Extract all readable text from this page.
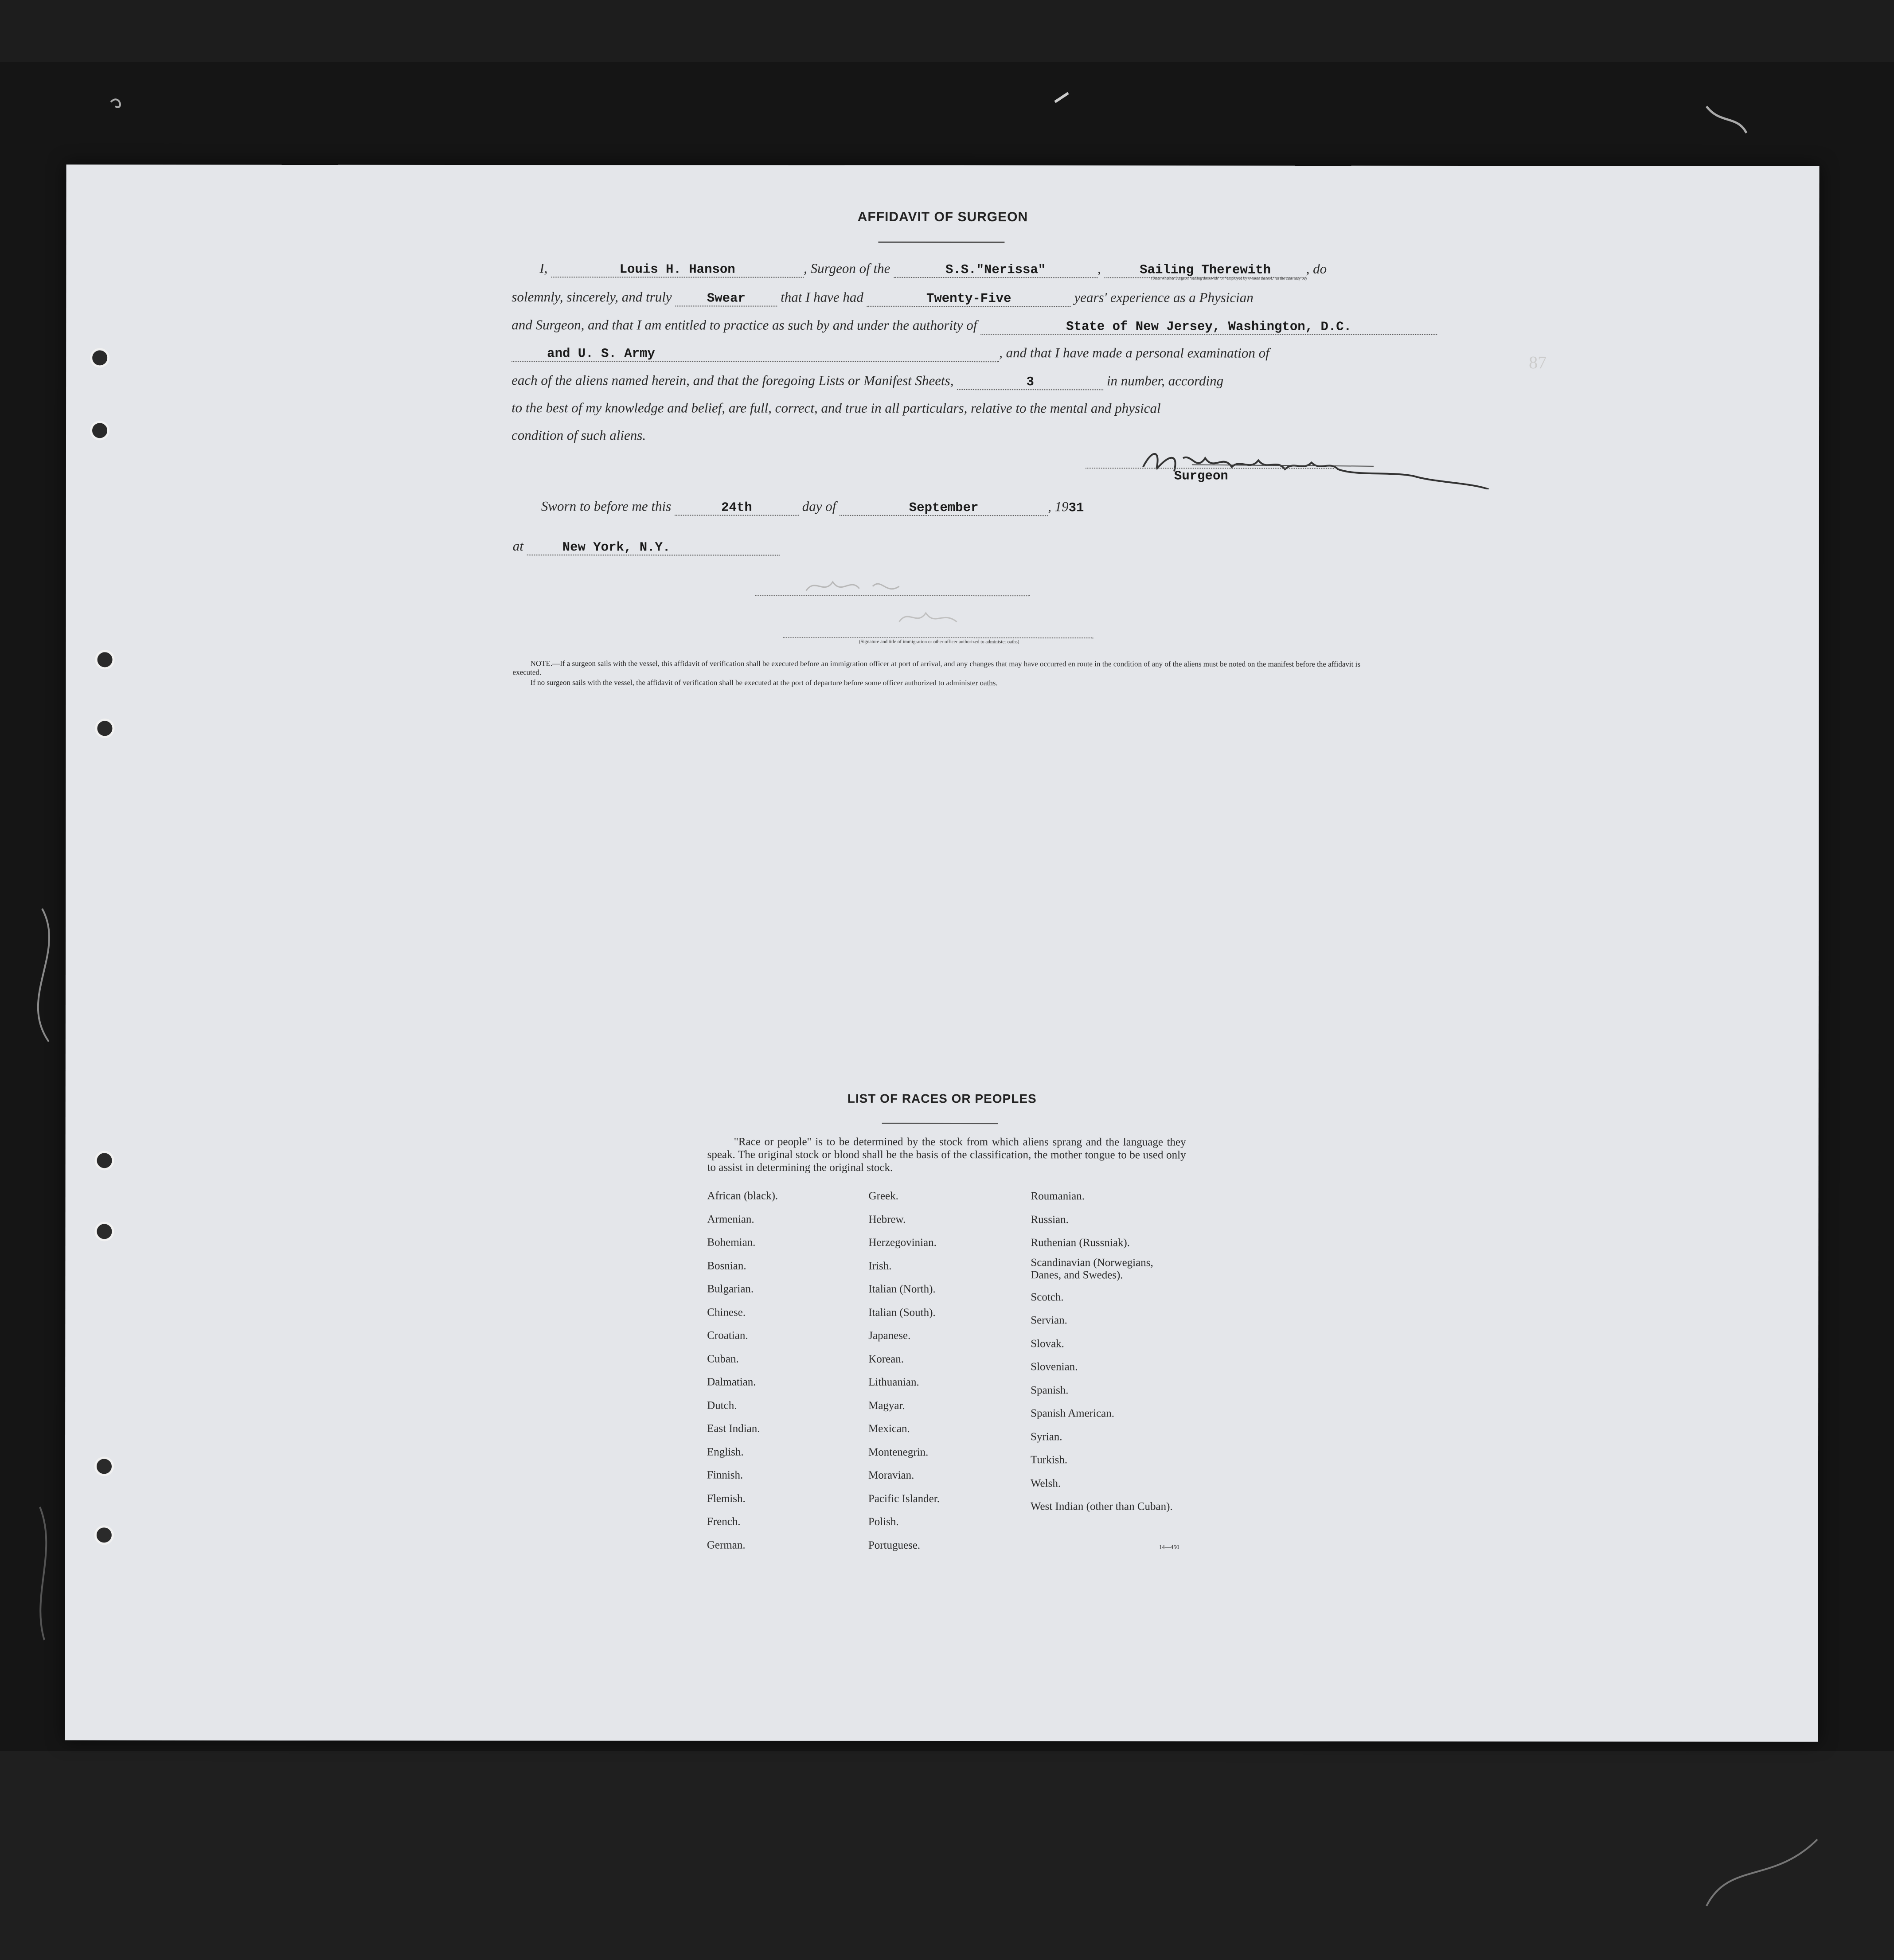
87
AFFIDAVIT OF SURGEON
I,	Louis H. Hanson	, Surgeon of the	S.S."Nerissa"	,	Sailing Therewith	, do
(State whether Surgeon "sailing therewith" or "employed by owners thereof," as the case may be)
solemnly, sincerely, and truly	Swear	that I have had	Twenty-Five	years' experience as a Physician
and Surgeon, and that I am entitled to practice as such by and under the authority of	State of New Jersey, Washington, D.C.
and U. S. Army	, and that I have made a personal examination of
each of the aliens named herein, and that the foregoing Lists or Manifest Sheets,	3	in number, according
to the best of my knowledge and belief, are full, correct, and true in all particulars, relative to the mental and physical
condition of such aliens.
Surgeon
Sworn to before me this	24th	day of	September	, 1931
at	New York, N.Y.
(Signature and title of immigration or other officer authorized to administer oaths)
NOTE.—If a surgeon sails with the vessel, this affidavit of verification shall be executed before an immigration officer at port of arrival, and any changes that may have occurred en route in the condition of any of the aliens must be noted on the manifest before the affidavit is executed.
If no surgeon sails with the vessel, the affidavit of verification shall be executed at the port of departure before some officer authorized to administer oaths.
LIST OF RACES OR PEOPLES
"Race or people" is to be determined by the stock from which aliens sprang and the language they speak. The original stock or blood shall be the basis of the classification, the mother tongue to be used only to assist in determining the original stock.
African (black).
Armenian.
Bohemian.
Bosnian.
Bulgarian.
Chinese.
Croatian.
Cuban.
Dalmatian.
Dutch.
East Indian.
English.
Finnish.
Flemish.
French.
German.
Greek.
Hebrew.
Herzegovinian.
Irish.
Italian (North).
Italian (South).
Japanese.
Korean.
Lithuanian.
Magyar.
Mexican.
Montenegrin.
Moravian.
Pacific Islander.
Polish.
Portuguese.
Roumanian.
Russian.
Ruthenian (Russniak).
Scandinavian (Norwegians, Danes, and Swedes).
Scotch.
Servian.
Slovak.
Slovenian.
Spanish.
Spanish American.
Syrian.
Turkish.
Welsh.
West Indian (other than Cuban).
14—450
